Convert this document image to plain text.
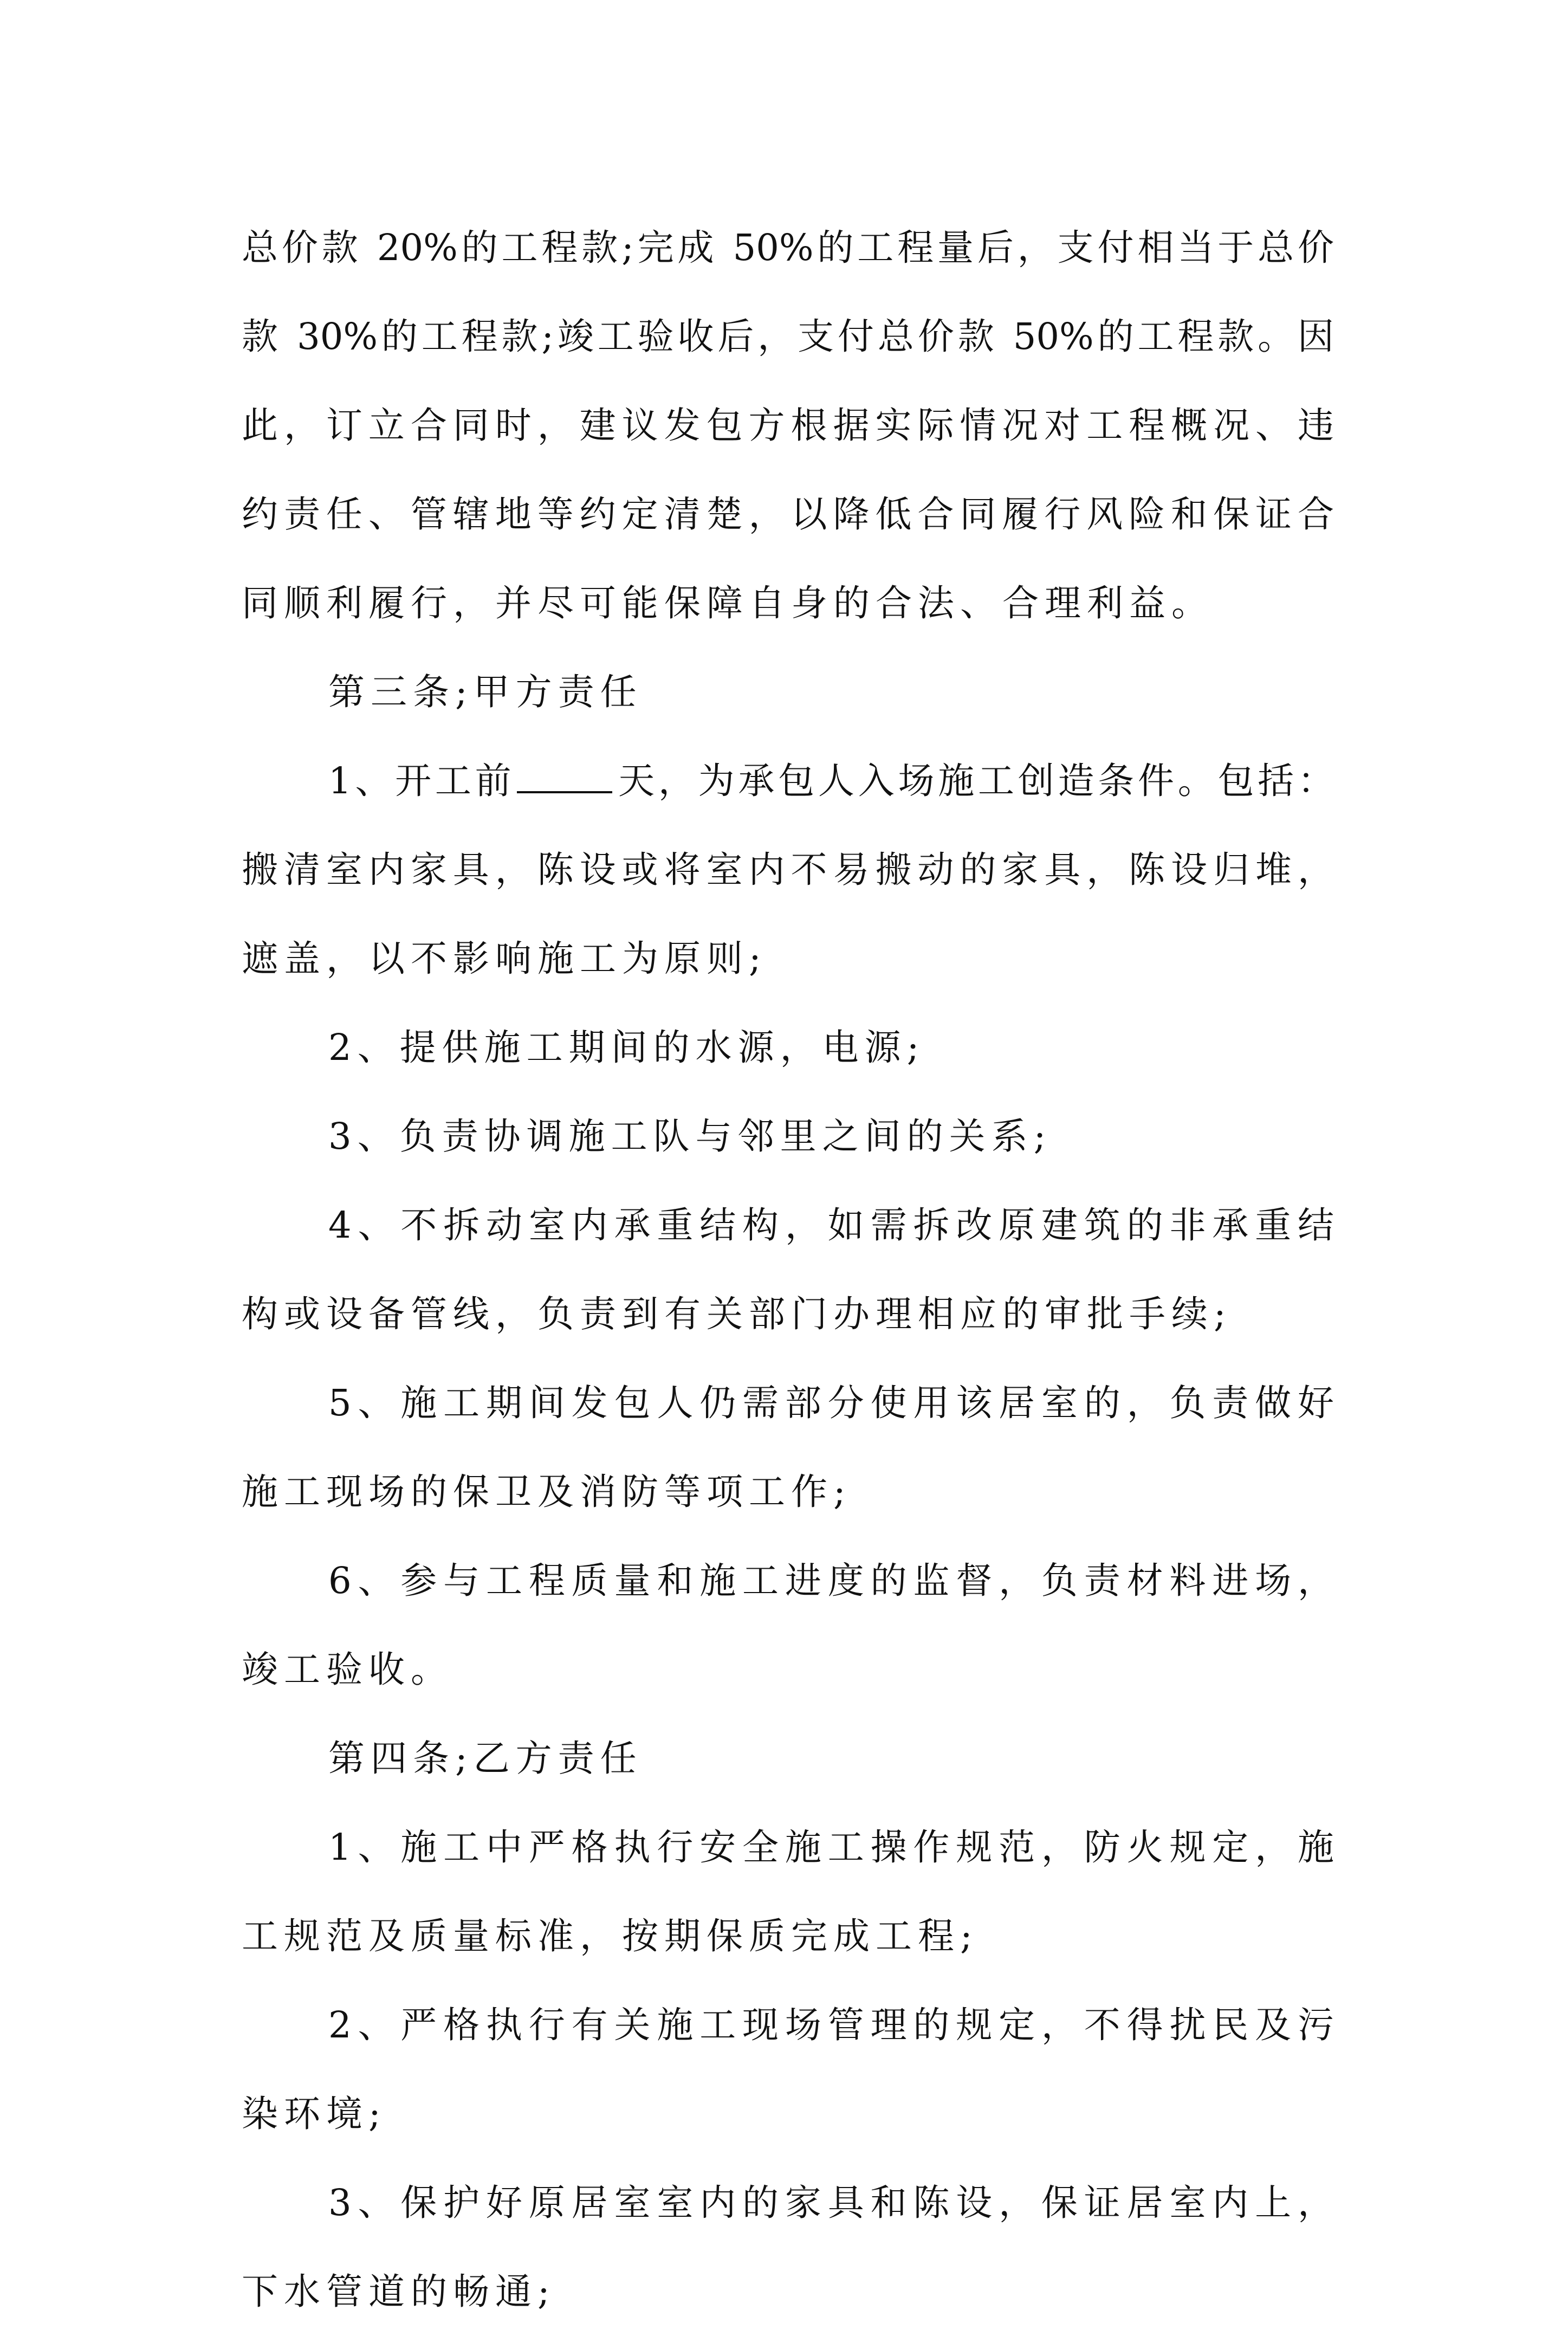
总价款 20%的工程款;完成 50%的工程量后，支付相当于总价
款 30%的工程款;竣工验收后，支付总价款 50%的工程款。因
此，订立合同时，建议发包方根据实际情况对工程概况、违
约责任、管辖地等约定清楚，以降低合同履行风险和保证合
同顺利履行，并尽可能保障自身的合法、合理利益。
第三条;甲方责任
1、开工前	天，为承包人入场施工创造条件。包括：
搬清室内家具，陈设或将室内不易搬动的家具，陈设归堆，
遮盖，以不影响施工为原则;
2、提供施工期间的水源，电源;
3、负责协调施工队与邻里之间的关系;
4、不拆动室内承重结构，如需拆改原建筑的非承重结
构或设备管线，负责到有关部门办理相应的审批手续;
5、施工期间发包人仍需部分使用该居室的，负责做好
施工现场的保卫及消防等项工作;
6、参与工程质量和施工进度的监督，负责材料进场，
竣工验收。
第四条;乙方责任
1、施工中严格执行安全施工操作规范，防火规定，施
工规范及质量标准，按期保质完成工程;
2、严格执行有关施工现场管理的规定，不得扰民及污
染环境;
3、保护好原居室室内的家具和陈设，保证居室内上，
下水管道的畅通;
